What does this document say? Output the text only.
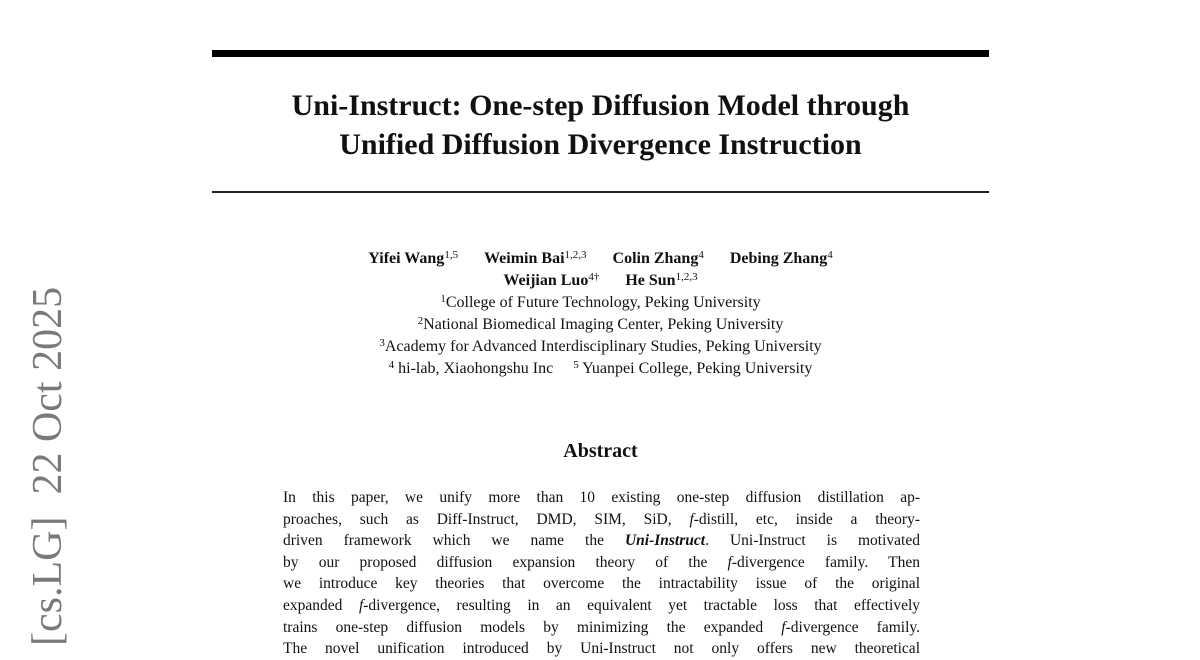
Uni-Instruct: One-step Diffusion Model through
Unified Diffusion Divergence Instruction
Yifei Wang$^{1,5}$ Weimin Bai$^{1,2,3}$ Colin Zhang$^4$ Debing Zhang$^4$
Weijian Luo$^{4\dagger}$ He Sun$^{1,2,3}$
$^1$College of Future Technology, Peking University
$^2$National Biomedical Imaging Center, Peking University
$^3$Academy for Advanced Interdisciplinary Studies, Peking University
$^4$ hi-lab, Xiaohongshu Inc $^5$ Yuanpei College, Peking University
Abstract
In this paper, we unify more than 10 existing one-step diffusion distillation ap-
proaches, such as Diff-Instruct, DMD, SIM, SiD, f-distill, etc, inside a theory-
driven framework which we name the Uni-Instruct. Uni-Instruct is motivated
by our proposed diffusion expansion theory of the f-divergence family. Then
we introduce key theories that overcome the intractability issue of the original
expanded f-divergence, resulting in an equivalent yet tractable loss that effectively
trains one-step diffusion models by minimizing the expanded f-divergence family.
The novel unification introduced by Uni-Instruct not only offers new theoretical
[cs.LG]22 Oct 2025
